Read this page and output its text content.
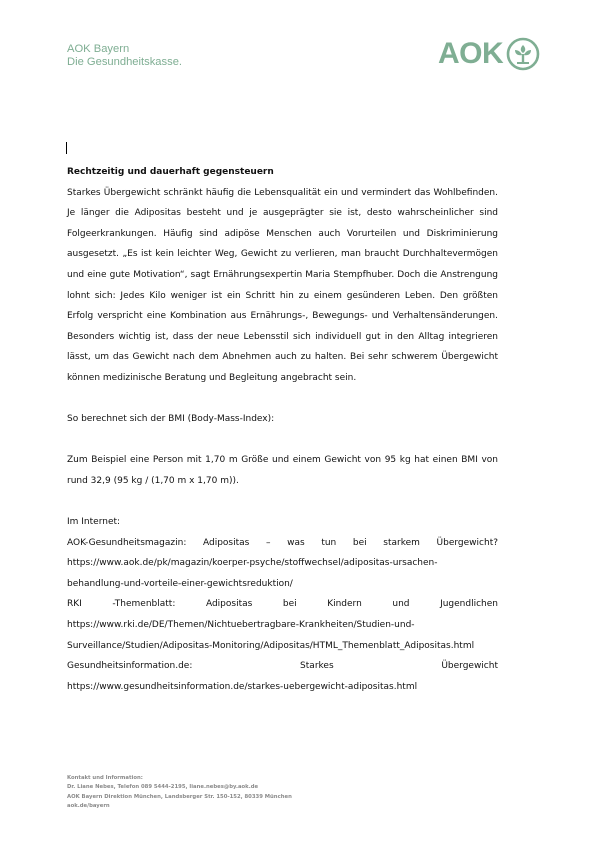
AOK Bayern
Die Gesundheitskasse.	AOK

Rechtzeitig und dauerhaft gegensteuern

Starkes Übergewicht schränkt häufig die Lebensqualität ein und vermindert das Wohlbefinden. Je länger die Adipositas besteht und je ausgeprägter sie ist, desto wahrscheinlicher sind Folgeerkrankungen. Häufig sind adipöse Menschen auch Vorurteilen und Diskriminierung ausgesetzt. „Es ist kein leichter Weg, Gewicht zu verlieren, man braucht Durchhaltevermögen und eine gute Motivation“, sagt Ernährungsexpertin Maria Stempfhuber. Doch die Anstrengung lohnt sich: Jedes Kilo weniger ist ein Schritt hin zu einem gesünderen Leben. Den größten Erfolg verspricht eine Kombination aus Ernährungs-, Bewegungs- und Verhaltensänderungen. Besonders wichtig ist, dass der neue Lebensstil sich individuell gut in den Alltag integrieren lässt, um das Gewicht nach dem Abnehmen auch zu halten. Bei sehr schwerem Übergewicht können medizinische Beratung und Begleitung angebracht sein.

So berechnet sich der BMI (Body-Mass-Index):

Zum Beispiel eine Person mit 1,70 m Größe und einem Gewicht von 95 kg hat einen BMI von rund 32,9 (95 kg / (1,70 m x 1,70 m)).

Im Internet:

AOK-Gesundheitsmagazin: Adipositas – was tun bei starkem Übergewicht?

https://www.aok.de/pk/magazin/koerper-psyche/stoffwechsel/adipositas-ursachen-

behandlung-und-vorteile-einer-gewichtsreduktion/

RKI -Themenblatt: Adipositas bei Kindern und Jugendlichen

https://www.rki.de/DE/Themen/Nichtuebertragbare-Krankheiten/Studien-und-

Surveillance/Studien/Adipositas-Monitoring/Adipositas/HTML_Themenblatt_Adipositas.html

Gesundheitsinformation.de: Starkes Übergewicht

https://www.gesundheitsinformation.de/starkes-uebergewicht-adipositas.html

Kontakt und Information:
Dr. Liane Nebes, Telefon 089 5444-2195, liane.nebes@by.aok.de
AOK Bayern Direktion München, Landsberger Str. 150-152, 80339 München
aok.de/bayern
